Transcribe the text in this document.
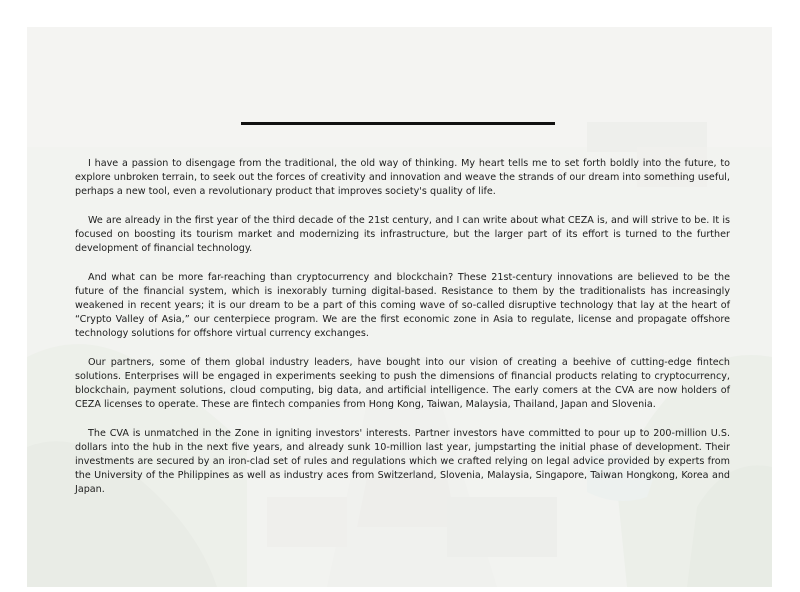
I have a passion to disengage from the traditional, the old way of thinking. My heart tells me to set forth boldly into the future, to explore unbroken terrain, to seek out the forces of creativity and innovation and weave the strands of our dream into something useful, perhaps a new tool, even a revolutionary product that improves society's quality of life.

We are already in the first year of the third decade of the 21st century, and I can write about what CEZA is, and will strive to be. It is focused on boosting its tourism market and modernizing its infrastructure, but the larger part of its effort is turned to the further development of financial technology.

And what can be more far-reaching than cryptocurrency and blockchain? These 21st-century innovations are believed to be the future of the financial system, which is inexorably turning digital-based. Resistance to them by the traditionalists has increasingly weakened in recent years; it is our dream to be a part of this coming wave of so-called disruptive technology that lay at the heart of “Crypto Valley of Asia,” our centerpiece program. We are the first economic zone in Asia to regulate, license and propagate offshore technology solutions for offshore virtual currency exchanges.

Our partners, some of them global industry leaders, have bought into our vision of creating a beehive of cutting-edge fintech solutions. Enterprises will be engaged in experiments seeking to push the dimensions of financial products relating to cryptocurrency, blockchain, payment solutions, cloud computing, big data, and artificial intelligence. The early comers at the CVA are now holders of CEZA licenses to operate. These are fintech companies from Hong Kong, Taiwan, Malaysia, Thailand, Japan and Slovenia.

The CVA is unmatched in the Zone in igniting investors' interests. Partner investors have committed to pour up to 200-million U.S. dollars into the hub in the next five years, and already sunk 10-million last year, jumpstarting the initial phase of development. Their investments are secured by an iron-clad set of rules and regulations which we crafted relying on legal advice provided by experts from the University of the Philippines as well as industry aces from Switzerland, Slovenia, Malaysia, Singapore, Taiwan Hongkong, Korea and Japan.
